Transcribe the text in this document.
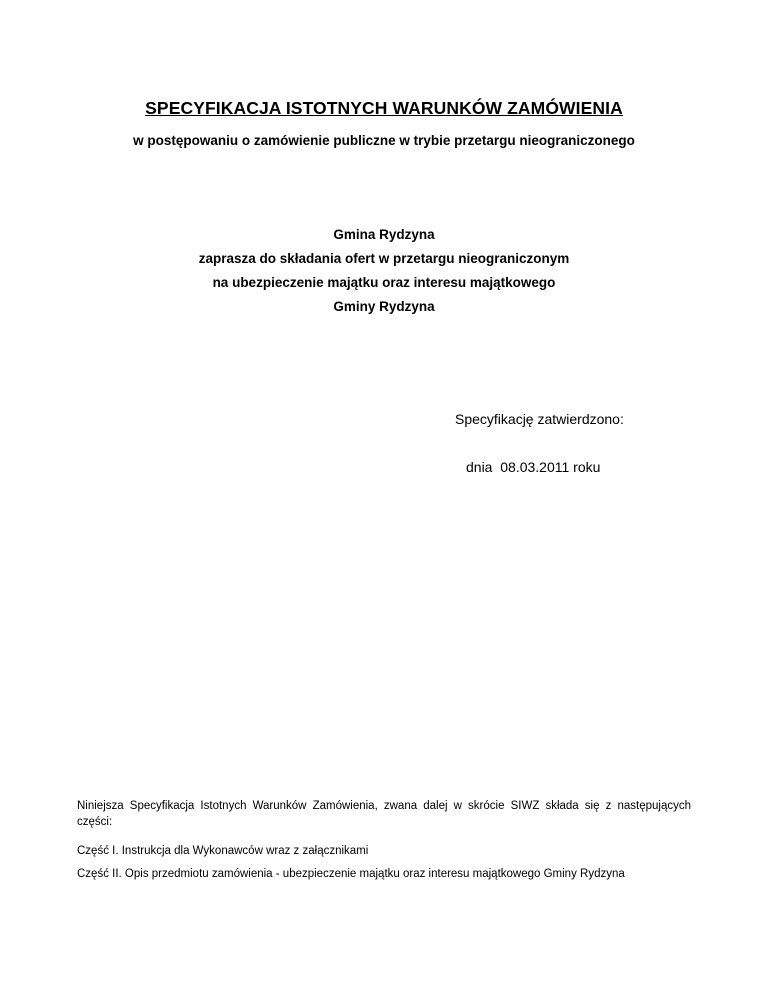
SPECYFIKACJA ISTOTNYCH WARUNKÓW ZAMÓWIENIA
w postępowaniu o zamówienie publiczne w trybie przetargu nieograniczonego
Gmina Rydzyna
zaprasza do składania ofert w przetargu nieograniczonym
na ubezpieczenie majątku oraz interesu majątkowego
Gminy Rydzyna
Specyfikację zatwierdzono:
dnia  08.03.2011 roku
Niniejsza Specyfikacja Istotnych Warunków Zamówienia, zwana dalej w skrócie SIWZ składa się z następujących części:
Część I. Instrukcja dla Wykonawców wraz z załącznikami
Część II. Opis przedmiotu zamówienia - ubezpieczenie majątku oraz interesu majątkowego Gminy Rydzyna
